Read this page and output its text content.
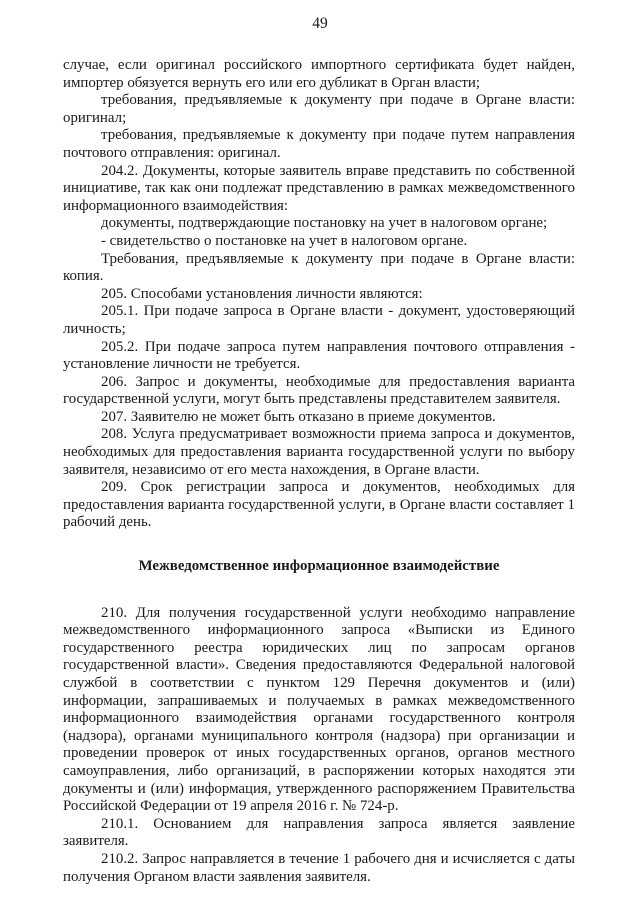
49

случае, если оригинал российского импортного сертификата будет найден, импортер обязуется вернуть его или его дубликат в Орган власти;

требования, предъявляемые к документу при подаче в Органе власти: оригинал;

требования, предъявляемые к документу при подаче путем направления почтового отправления: оригинал.

204.2. Документы, которые заявитель вправе представить по собственной инициативе, так как они подлежат представлению в рамках межведомственного информационного взаимодействия:

документы, подтверждающие постановку на учет в налоговом органе;

- свидетельство о постановке на учет в налоговом органе.

Требования, предъявляемые к документу при подаче в Органе власти: копия.

205. Способами установления личности являются:

205.1. При подаче запроса в Органе власти - документ, удостоверяющий личность;

205.2. При подаче запроса путем направления почтового отправления - установление личности не требуется.

206. Запрос и документы, необходимые для предоставления варианта государственной услуги, могут быть представлены представителем заявителя.

207. Заявителю не может быть отказано в приеме документов.

208. Услуга предусматривает возможности приема запроса и документов, необходимых для предоставления варианта государственной услуги по выбору заявителя, независимо от его места нахождения, в Органе власти.

209. Срок регистрации запроса и документов, необходимых для предоставления варианта государственной услуги, в Органе власти составляет 1 рабочий день.

Межведомственное информационное взаимодействие

210. Для получения государственной услуги необходимо направление межведомственного информационного запроса «Выписки из Единого государственного реестра юридических лиц по запросам органов государственной власти». Сведения предоставляются Федеральной налоговой службой в соответствии с пунктом 129 Перечня документов и (или) информации, запрашиваемых и получаемых в рамках межведомственного информационного взаимодействия органами государственного контроля (надзора), органами муниципального контроля (надзора) при организации и проведении проверок от иных государственных органов, органов местного самоуправления, либо организаций, в распоряжении которых находятся эти документы и (или) информация, утвержденного распоряжением Правительства Российской Федерации от 19 апреля 2016 г. № 724-р.

210.1. Основанием для направления запроса является заявление заявителя.

210.2. Запрос направляется в течение 1 рабочего дня и исчисляется с даты получения Органом власти заявления заявителя.
